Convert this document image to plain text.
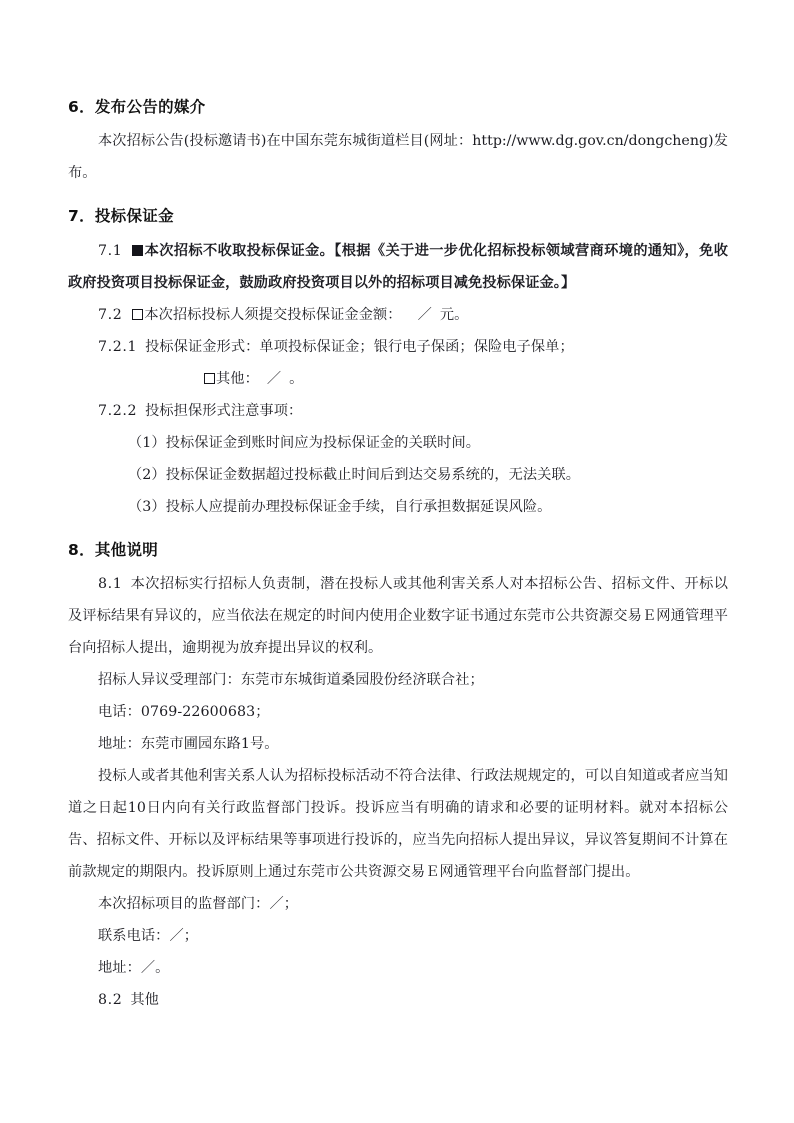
6．发布公告的媒介

本次招标公告(投标邀请书)在中国东莞东城街道栏目(网址：http://www.dg.gov.cn/dongcheng)发布。

7．投标保证金

7.1 本次招标不收取投标保证金。【根据《关于进一步优化招标投标领域营商环境的通知》，免收政府投资项目投标保证金，鼓励政府投资项目以外的招标项目减免投标保证金。】

7.2 本次招标投标人须提交投标保证金金额： ／ 元。

7.2.1 投标保证金形式：单项投标保证金；银行电子保函；保险电子保单；

其他： ／ 。

7.2.2 投标担保形式注意事项：

（1）投标保证金到账时间应为投标保证金的关联时间。

（2）投标保证金数据超过投标截止时间后到达交易系统的，无法关联。

（3）投标人应提前办理投标保证金手续，自行承担数据延误风险。

8．其他说明

8.1 本次招标实行招标人负责制，潜在投标人或其他利害关系人对本招标公告、招标文件、开标以及评标结果有异议的，应当依法在规定的时间内使用企业数字证书通过东莞市公共资源交易Ｅ网通管理平台向招标人提出，逾期视为放弃提出异议的权利。

招标人异议受理部门：东莞市东城街道桑园股份经济联合社；

电话：0769-22600683；

地址：东莞市圃园东路1号。

投标人或者其他利害关系人认为招标投标活动不符合法律、行政法规规定的，可以自知道或者应当知道之日起10日内向有关行政监督部门投诉。投诉应当有明确的请求和必要的证明材料。就对本招标公告、招标文件、开标以及评标结果等事项进行投诉的，应当先向招标人提出异议，异议答复期间不计算在前款规定的期限内。投诉原则上通过东莞市公共资源交易Ｅ网通管理平台向监督部门提出。

本次招标项目的监督部门：／；

联系电话：／；

地址：／。

8.2 其他
